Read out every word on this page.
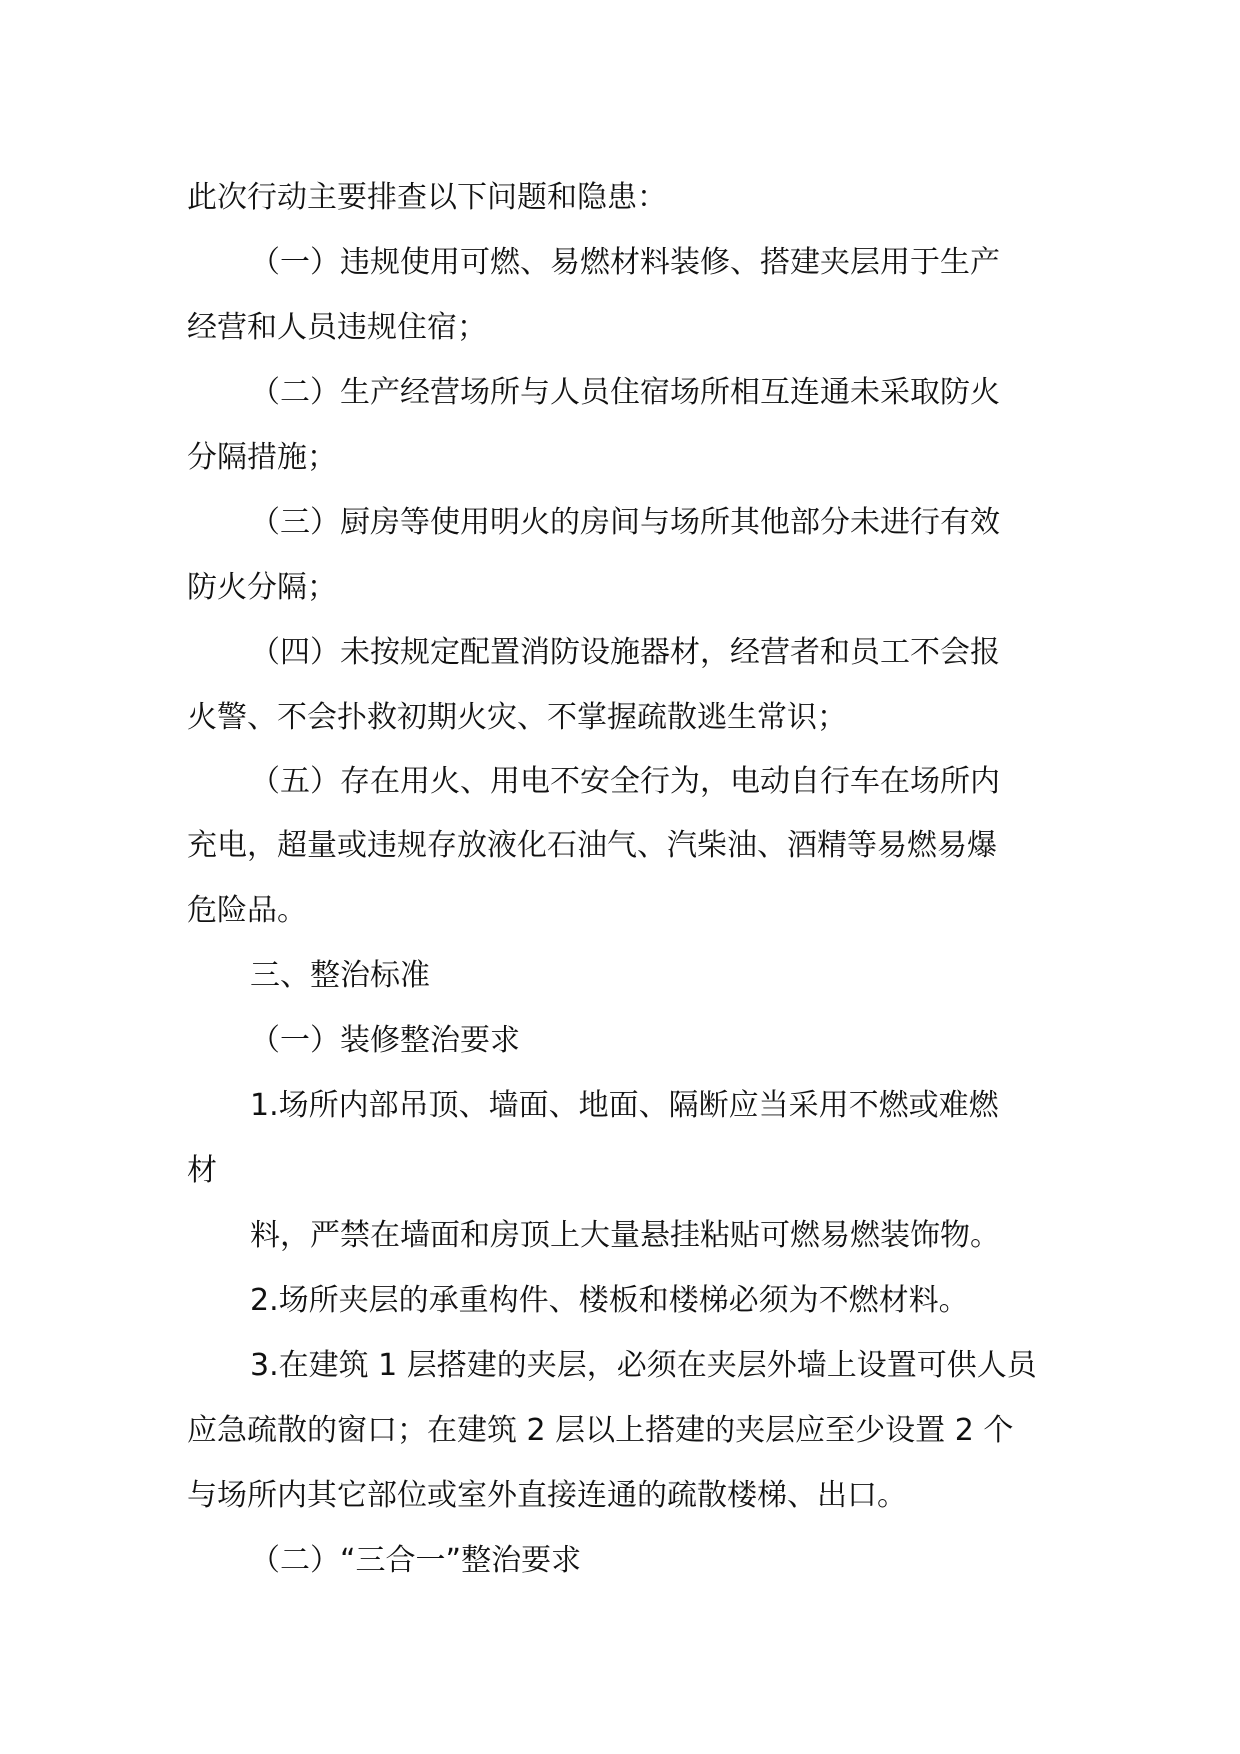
此次行动主要排查以下问题和隐患：
（一）违规使用可燃、易燃材料装修、搭建夹层用于生产
经营和人员违规住宿；
（二）生产经营场所与人员住宿场所相互连通未采取防火
分隔措施；
（三）厨房等使用明火的房间与场所其他部分未进行有效
防火分隔；
（四）未按规定配置消防设施器材，经营者和员工不会报
火警、不会扑救初期火灾、不掌握疏散逃生常识；
（五）存在用火、用电不安全行为，电动自行车在场所内
充电，超量或违规存放液化石油气、汽柴油、酒精等易燃易爆
危险品。
三、整治标准
（一）装修整治要求
1.场所内部吊顶、墙面、地面、隔断应当采用不燃或难燃
材
料，严禁在墙面和房顶上大量悬挂粘贴可燃易燃装饰物。
2.场所夹层的承重构件、楼板和楼梯必须为不燃材料。
3.在建筑 1 层搭建的夹层，必须在夹层外墙上设置可供人员
应急疏散的窗口；在建筑 2 层以上搭建的夹层应至少设置 2 个
与场所内其它部位或室外直接连通的疏散楼梯、出口。
（二）“三合一”整治要求
